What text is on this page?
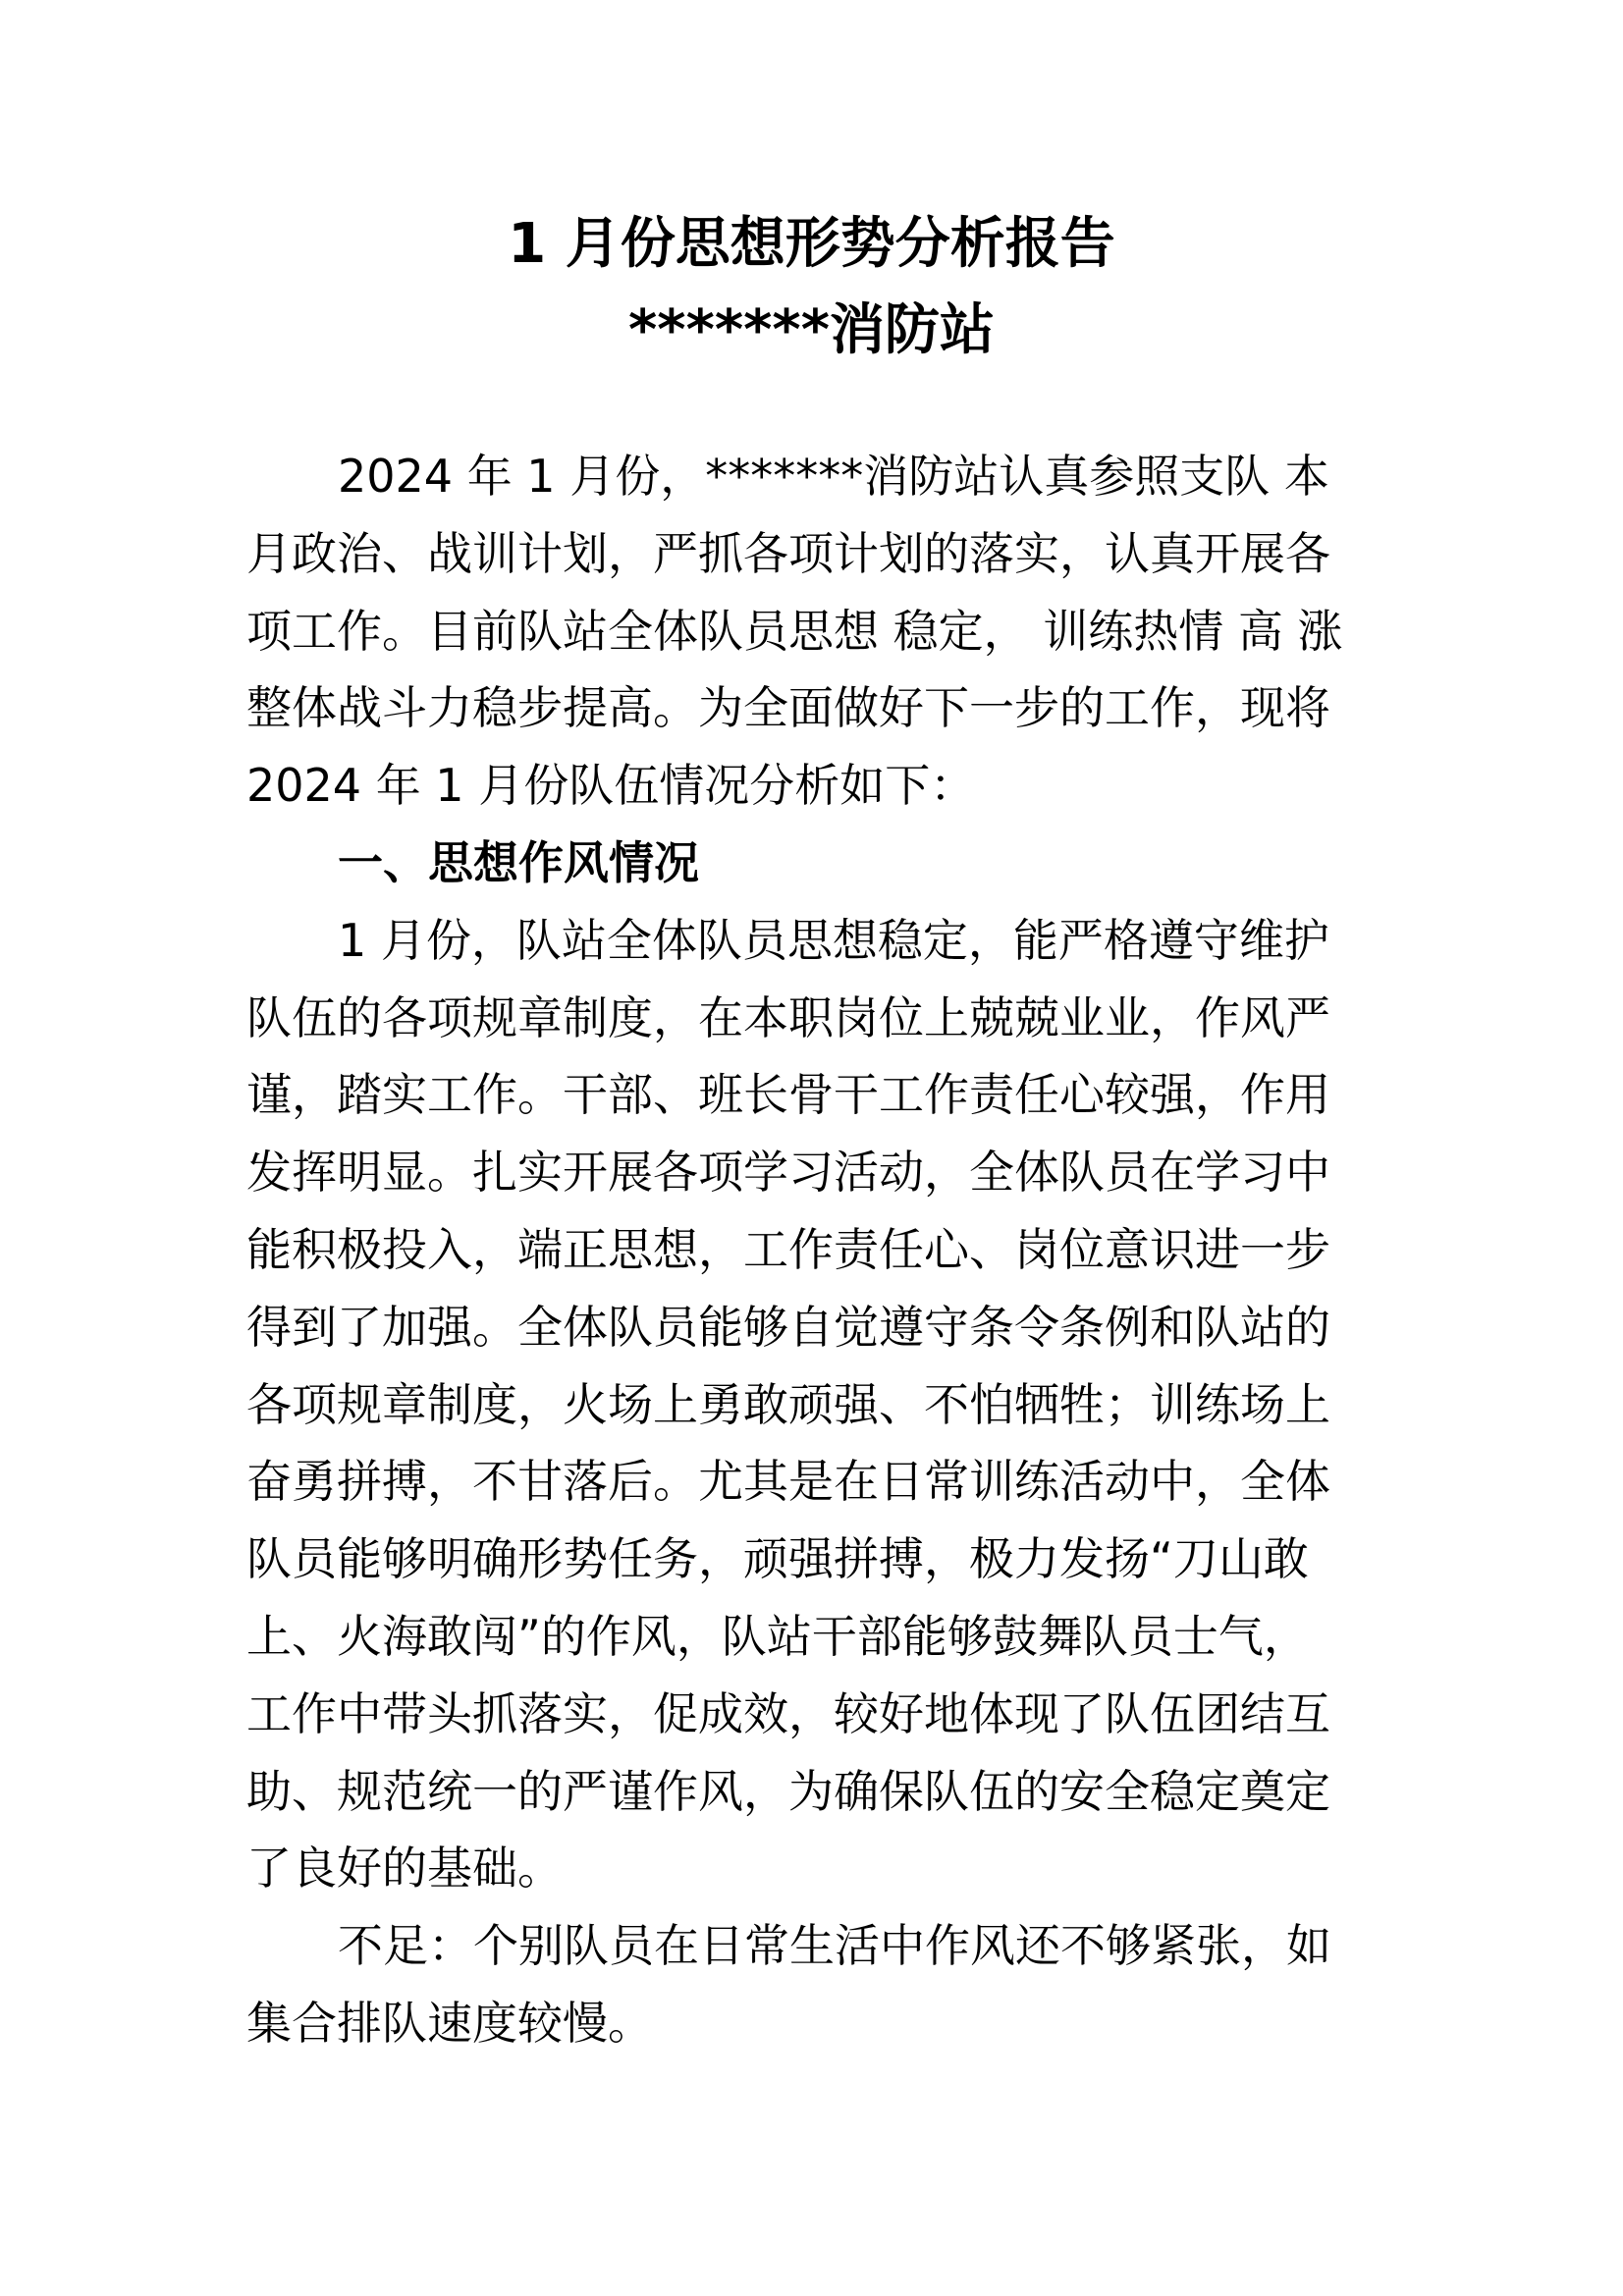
1 月份思想形势分析报告
*******消防站
2024 年 1 月份，*******消防站认真参照支队 本
月政治、战训计划，严抓各项计划的落实，认真开展各
项工作。目前队站全体队员思想 稳定， 训练热情 高 涨
整体战斗力稳步提高。为全面做好下一步的工作，现将
2024 年 1 月份队伍情况分析如下：
一、思想作风情况
1 月份，队站全体队员思想稳定，能严格遵守维护
队伍的各项规章制度，在本职岗位上兢兢业业，作风严
谨，踏实工作。干部、班长骨干工作责任心较强，作用
发挥明显。扎实开展各项学习活动，全体队员在学习中
能积极投入，端正思想，工作责任心、岗位意识进一步
得到了加强。全体队员能够自觉遵守条令条例和队站的
各项规章制度，火场上勇敢顽强、不怕牺牲；训练场上
奋勇拼搏，不甘落后。尤其是在日常训练活动中，全体
队员能够明确形势任务，顽强拼搏，极力发扬“刀山敢
上、火海敢闯”的作风，队站干部能够鼓舞队员士气，
工作中带头抓落实，促成效，较好地体现了队伍团结互
助、规范统一的严谨作风，为确保队伍的安全稳定奠定
了良好的基础。
不足：个别队员在日常生活中作风还不够紧张，如
集合排队速度较慢。
